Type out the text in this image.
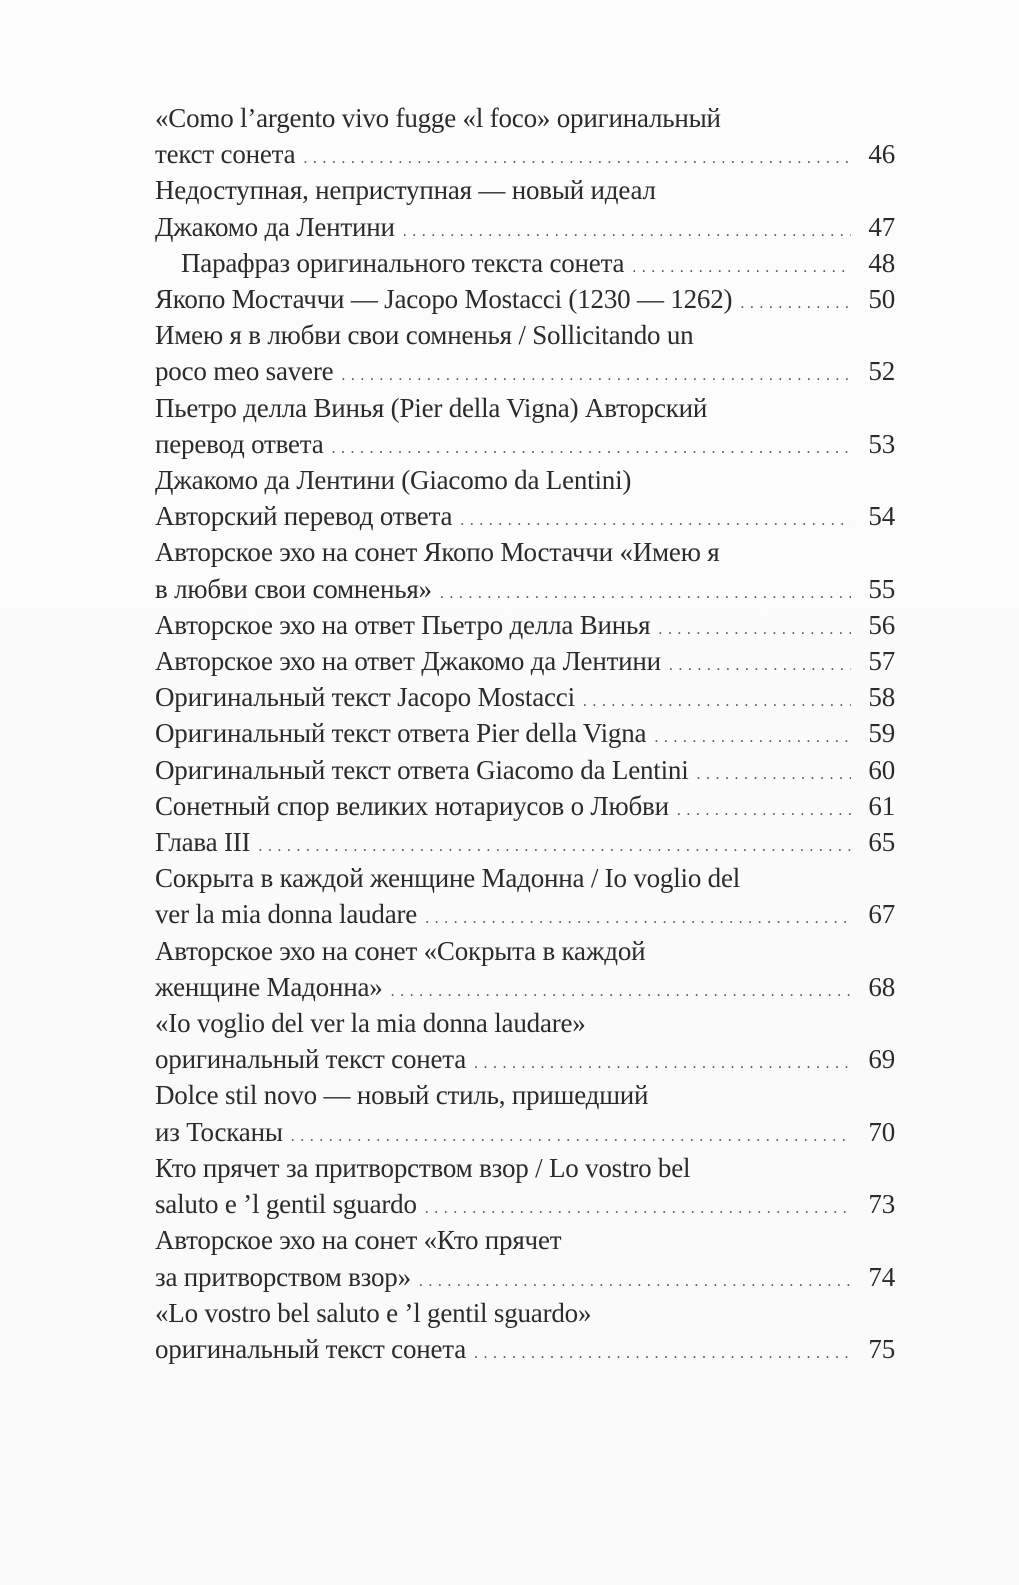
«Como l’argento vivo fugge «l foco» оригинальный
текст сонета . . .	46
Недоступная, неприступная — новый идеал
Джакомо да Лентини . . .	47
Парафраз оригинального текста сонета . . .	48
Якопо Мостаччи — Jacopo Mostacci (1230 — 1262) . . .	50
Имею я в любви свои сомненья / Sollicitando un
poco meo savere . . .	52
Пьетро делла Винья (Pier della Vigna) Авторский
перевод ответа . . .	53
Джакомо да Лентини (Giacomo da Lentini)
Авторский перевод ответа . . .	54
Авторское эхо на сонет Якопо Мостаччи «Имею я
в любви свои сомненья» . . .	55
Авторское эхо на ответ Пьетро делла Винья . . .	56
Авторское эхо на ответ Джакомо да Лентини . . .	57
Оригинальный текст Jacopo Mostacci . . .	58
Оригинальный текст ответа Pier della Vigna . . .	59
Оригинальный текст ответа Giacomo da Lentini . . .	60
Сонетный спор великих нотариусов о Любви . . .	61
Глава III . . .	65
Сокрыта в каждой женщине Мадонна / Io voglio del
ver la mia donna laudare . . .	67
Авторское эхо на сонет «Сокрыта в каждой
женщине Мадонна» . . .	68
«Io voglio del ver la mia donna laudare»
оригинальный текст сонета . . .	69
Dolce stil novo — новый стиль, пришедший
из Тосканы . . .	70
Кто прячет за притворством взор / Lo vostro bel
saluto e ’l gentil sguardo . . .	73
Авторское эхо на сонет «Кто прячет
за притворством взор» . . .	74
«Lo vostro bel saluto e ’l gentil sguardo»
оригинальный текст сонета . . .	75
